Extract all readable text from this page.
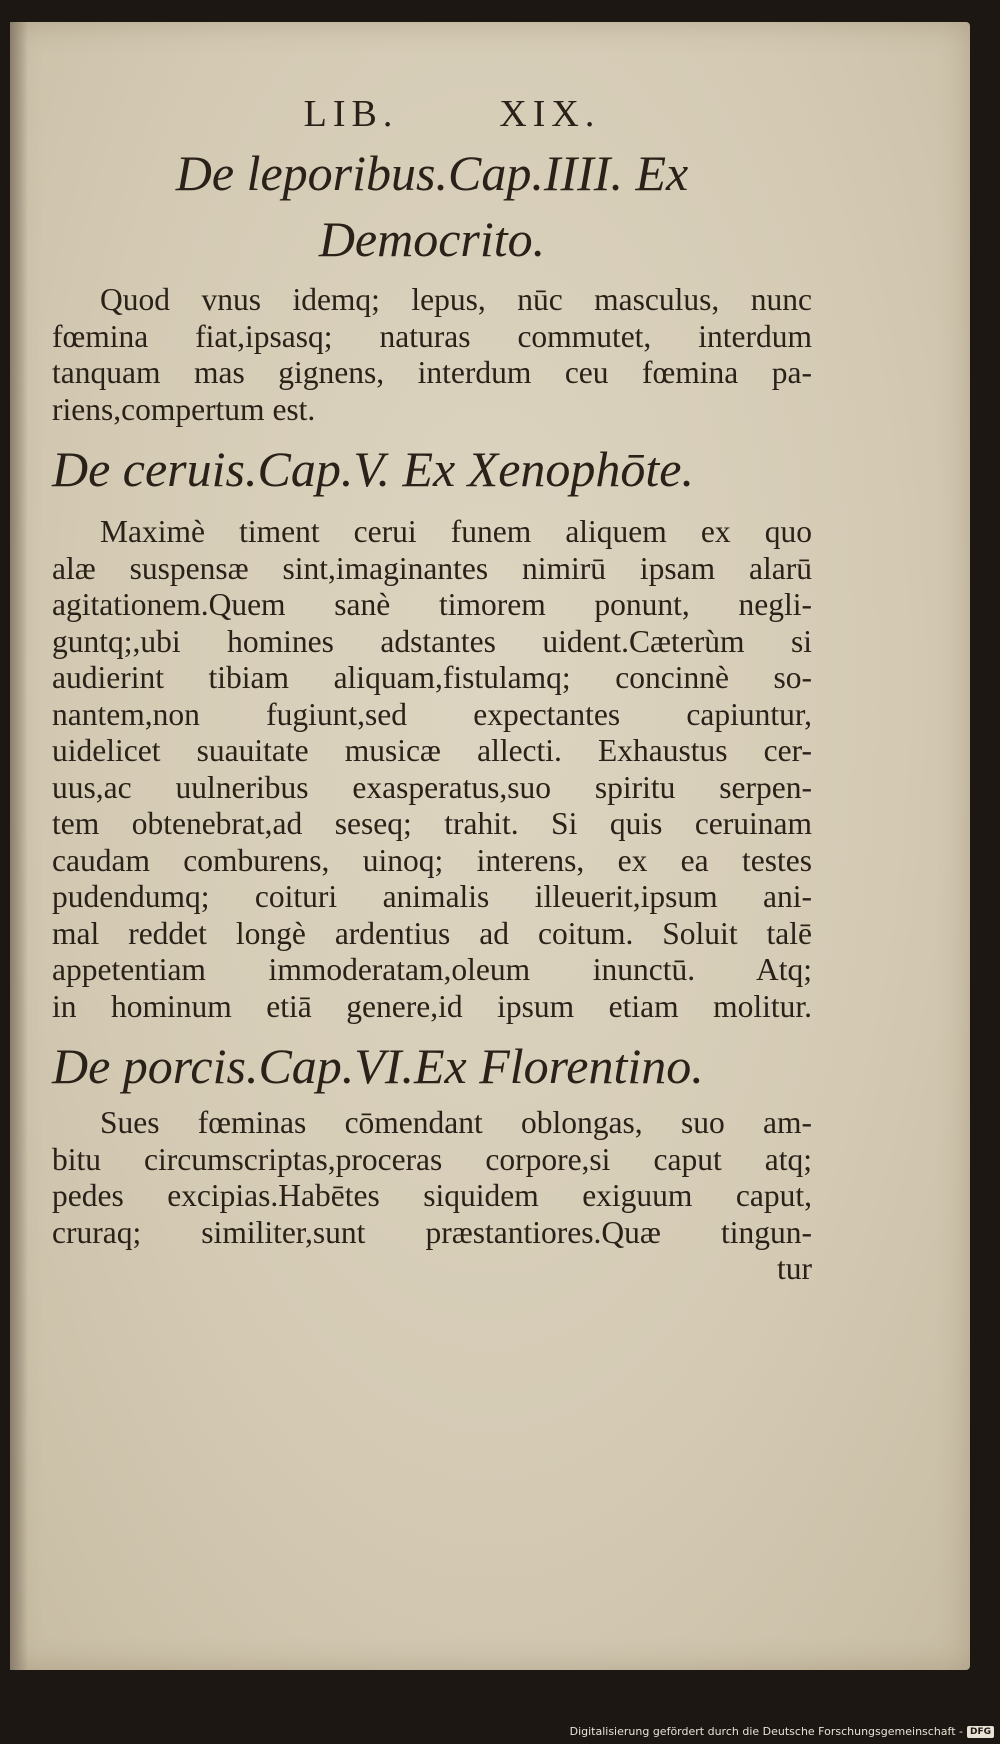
LIB.	XIX.
De leporibus.Cap.IIII. Ex
Democrito.
Quod vnus idemq; lepus, nūc masculus, nunc
fœmina fiat,ipsasq; naturas commutet, interdum
tanquam mas gignens, interdum ceu fœmina pa-
riens,compertum est.
De ceruis.Cap.V. Ex Xenophōte.
Maximè timent cerui funem aliquem ex quo
alæ suspensæ sint,imaginantes nimirū ipsam alarū
agitationem.Quem sanè timorem ponunt, negli-
guntq;,ubi homines adstantes uident.Cæterùm si
audierint tibiam aliquam,fistulamq; concinnè so-
nantem,non fugiunt,sed expectantes capiuntur,
uidelicet suauitate musicæ allecti. Exhaustus cer-
uus,ac uulneribus exasperatus,suo spiritu serpen-
tem obtenebrat,ad seseq; trahit. Si quis ceruinam
caudam comburens, uinoq; interens, ex ea testes
pudendumq; coituri animalis illeuerit,ipsum ani-
mal reddet longè ardentius ad coitum. Soluit talē
appetentiam immoderatam,oleum inunctū. Atq;
in hominum etiā genere,id ipsum etiam molitur.
De porcis.Cap.VI.Ex Florentino.
Sues fœminas cōmendant oblongas, suo am-
bitu circumscriptas,proceras corpore,si caput atq;
pedes excipias.Habētes siquidem exiguum caput,
cruraq; similiter,sunt præstantiores.Quæ tingun-
tur
Digitalisierung gefördert durch die Deutsche Forschungsgemeinschaft - DFG
